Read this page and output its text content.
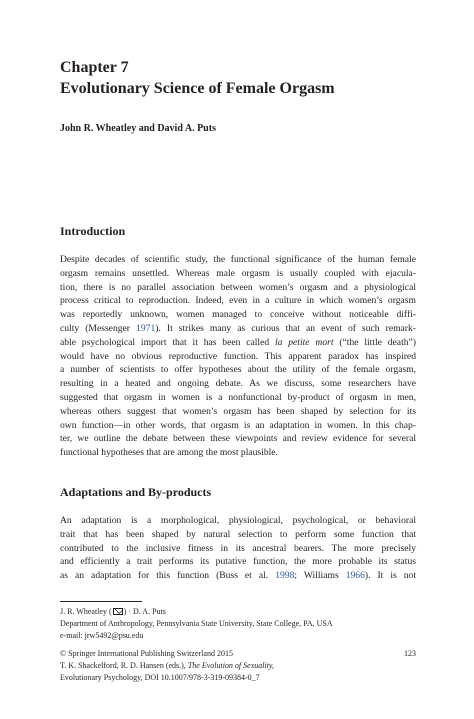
Chapter 7
Evolutionary Science of Female Orgasm
John R. Wheatley and David A. Puts
Introduction
Despite decades of scientific study, the functional significance of the human female
orgasm remains unsettled. Whereas male orgasm is usually coupled with ejacula-
tion, there is no parallel association between women’s orgasm and a physiological
process critical to reproduction. Indeed, even in a culture in which women’s orgasm
was reportedly unknown, women managed to conceive without noticeable diffi-
culty (Messenger 1971). It strikes many as curious that an event of such remark-
able psychological import that it has been called la petite mort (“the little death”)
would have no obvious reproductive function. This apparent paradox has inspired
a number of scientists to offer hypotheses about the utility of the female orgasm,
resulting in a heated and ongoing debate. As we discuss, some researchers have
suggested that orgasm in women is a nonfunctional by-product of orgasm in men,
whereas others suggest that women’s orgasm has been shaped by selection for its
own function—in other words, that orgasm is an adaptation in women. In this chap-
ter, we outline the debate between these viewpoints and review evidence for several
functional hypotheses that are among the most plausible.
Adaptations and By-products
An adaptation is a morphological, physiological, psychological, or behavioral
trait that has been shaped by natural selection to perform some function that
contributed to the inclusive fitness in its ancestral bearers. The more precisely
and efficiently a trait performs its putative function, the more probable its status
as an adaptation for this function (Buss et al. 1998; Williams 1966). It is not
J. R. Wheatley ( ) · D. A. Puts
Department of Anthropology, Pennsylvania State University, State College, PA, USA
e-mail: jrw5492@psu.edu
© Springer International Publishing Switzerland 2015	123
T. K. Shackelford, R. D. Hansen (eds.), The Evolution of Sexuality,
Evolutionary Psychology, DOI 10.1007/978-3-319-09384-0_7
